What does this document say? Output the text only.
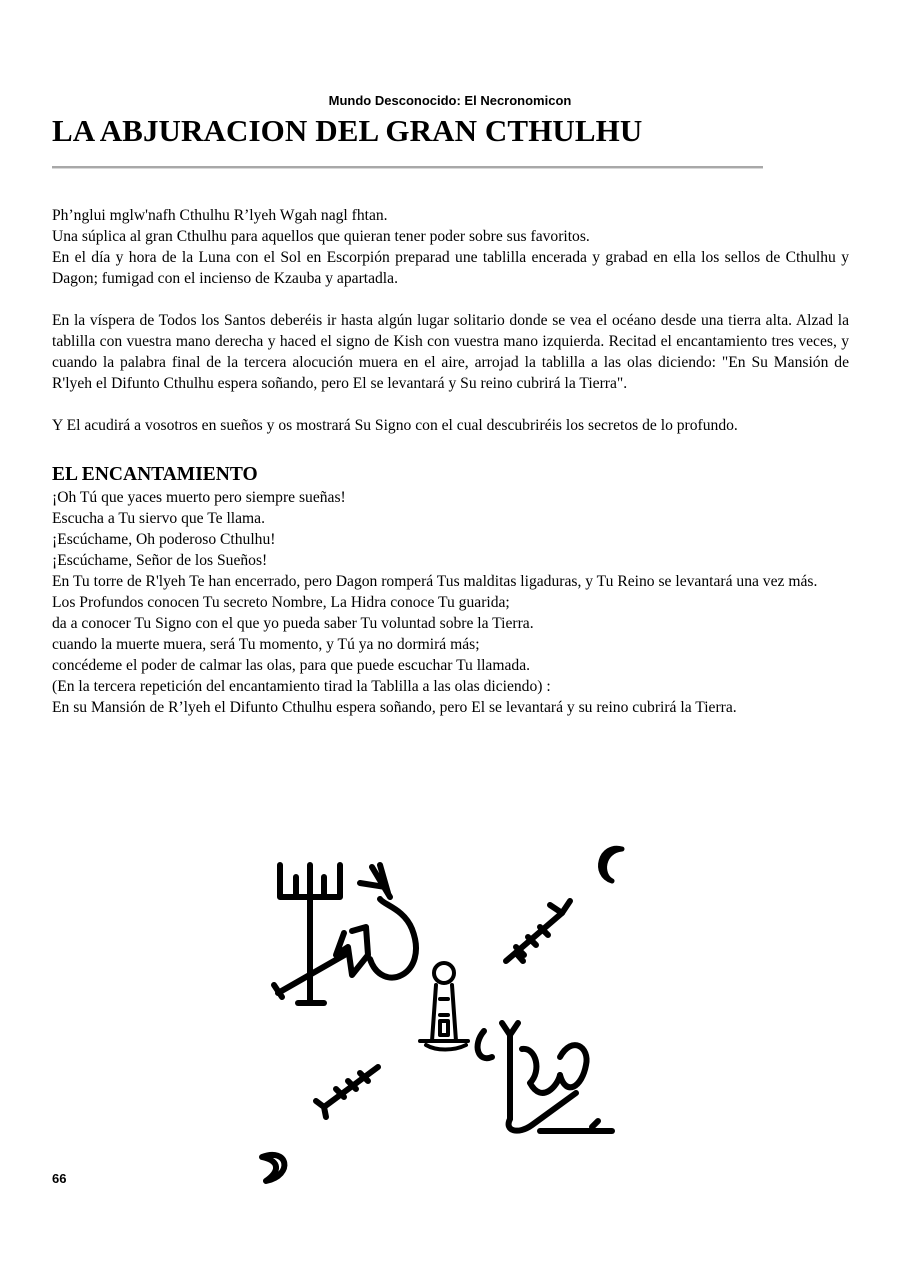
Mundo Desconocido: El Necronomicon
LA ABJURACION DEL GRAN CTHULHU

Ph’nglui mglw'nafh Cthulhu R’lyeh Wgah nagl fhtan.

Una súplica al gran Cthulhu para aquellos que quieran tener poder sobre sus favoritos.

En el día y hora de la Luna con el Sol en Escorpión preparad une tablilla encerada y grabad en ella los sellos de Cthulhu y Dagon; fumigad con el incienso de Kzauba y apartadla.

En la víspera de Todos los Santos deberéis ir hasta algún lugar solitario donde se vea el océano desde una tierra alta. Alzad la tablilla con vuestra mano derecha y haced el signo de Kish con vuestra mano izquierda. Recitad el encantamiento tres veces, y cuando la palabra final de la tercera alocución muera en el aire, arrojad la tablilla a las olas diciendo: "En Su Mansión de R'lyeh el Difunto Cthulhu espera soñando, pero El se levantará y Su reino cubrirá la Tierra".

Y El acudirá a vosotros en sueños y os mostrará Su Signo con el cual descubriréis los secretos de lo profundo.

EL ENCANTAMIENTO

¡Oh Tú que yaces muerto pero siempre sueñas!

Escucha a Tu siervo que Te llama.

¡Escúchame, Oh poderoso Cthulhu!

¡Escúchame, Señor de los Sueños!

En Tu torre de R'lyeh Te han encerrado, pero Dagon romperá Tus malditas ligaduras, y Tu Reino se levantará una vez más.

Los Profundos conocen Tu secreto Nombre, La Hidra conoce Tu guarida;

da a conocer Tu Signo con el que yo pueda saber Tu voluntad sobre la Tierra.

cuando la muerte muera, será Tu momento, y Tú ya no dormirá más;

concédeme el poder de calmar las olas, para que puede escuchar Tu llamada.

(En la tercera repetición del encantamiento tirad la Tablilla a las olas diciendo) :

En su Mansión de R’lyeh el Difunto Cthulhu espera soñando, pero El se levantará y su reino cubrirá la Tierra.

66
